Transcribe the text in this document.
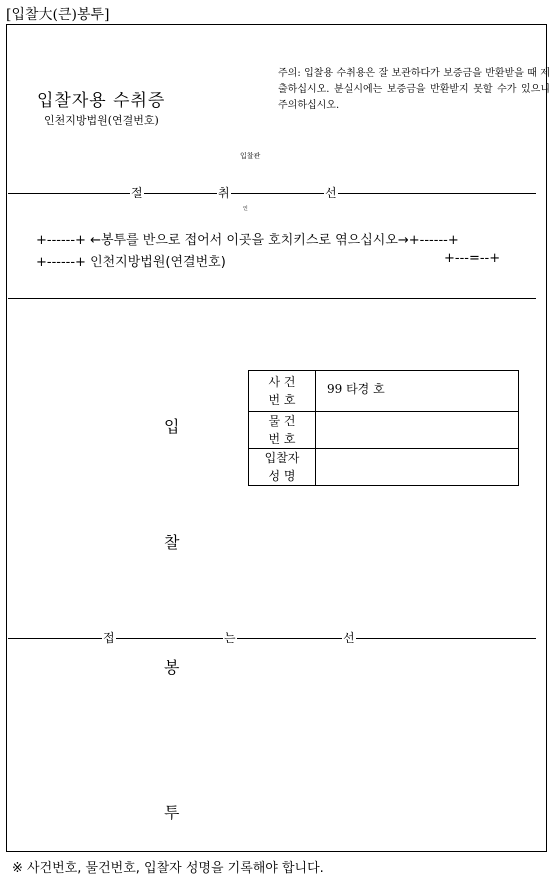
[입찰大(큰)봉투]
입찰자용 수취증
인천지방법원(연결번호)
주의: 입찰용 수취용은 잘 보관하다가 보증금을 반환받을 때 제출하십시오. 분실시에는 보증금을 반환받지 못할 수가 있으니 주의하십시오.
입찰관
인
절	취	선
+------+ ←봉투를 반으로 접어서 이곳을 호치키스로 엮으십시오→+------+
+------+ 인천지방법원(연결번호)	+---=--+
사 건
번 호	99 타경 호

물 건
번 호	

입찰자
성 명	

입
찰
봉
투
접	는	선
※ 사건번호, 물건번호, 입찰자 성명을 기록해야 합니다.
